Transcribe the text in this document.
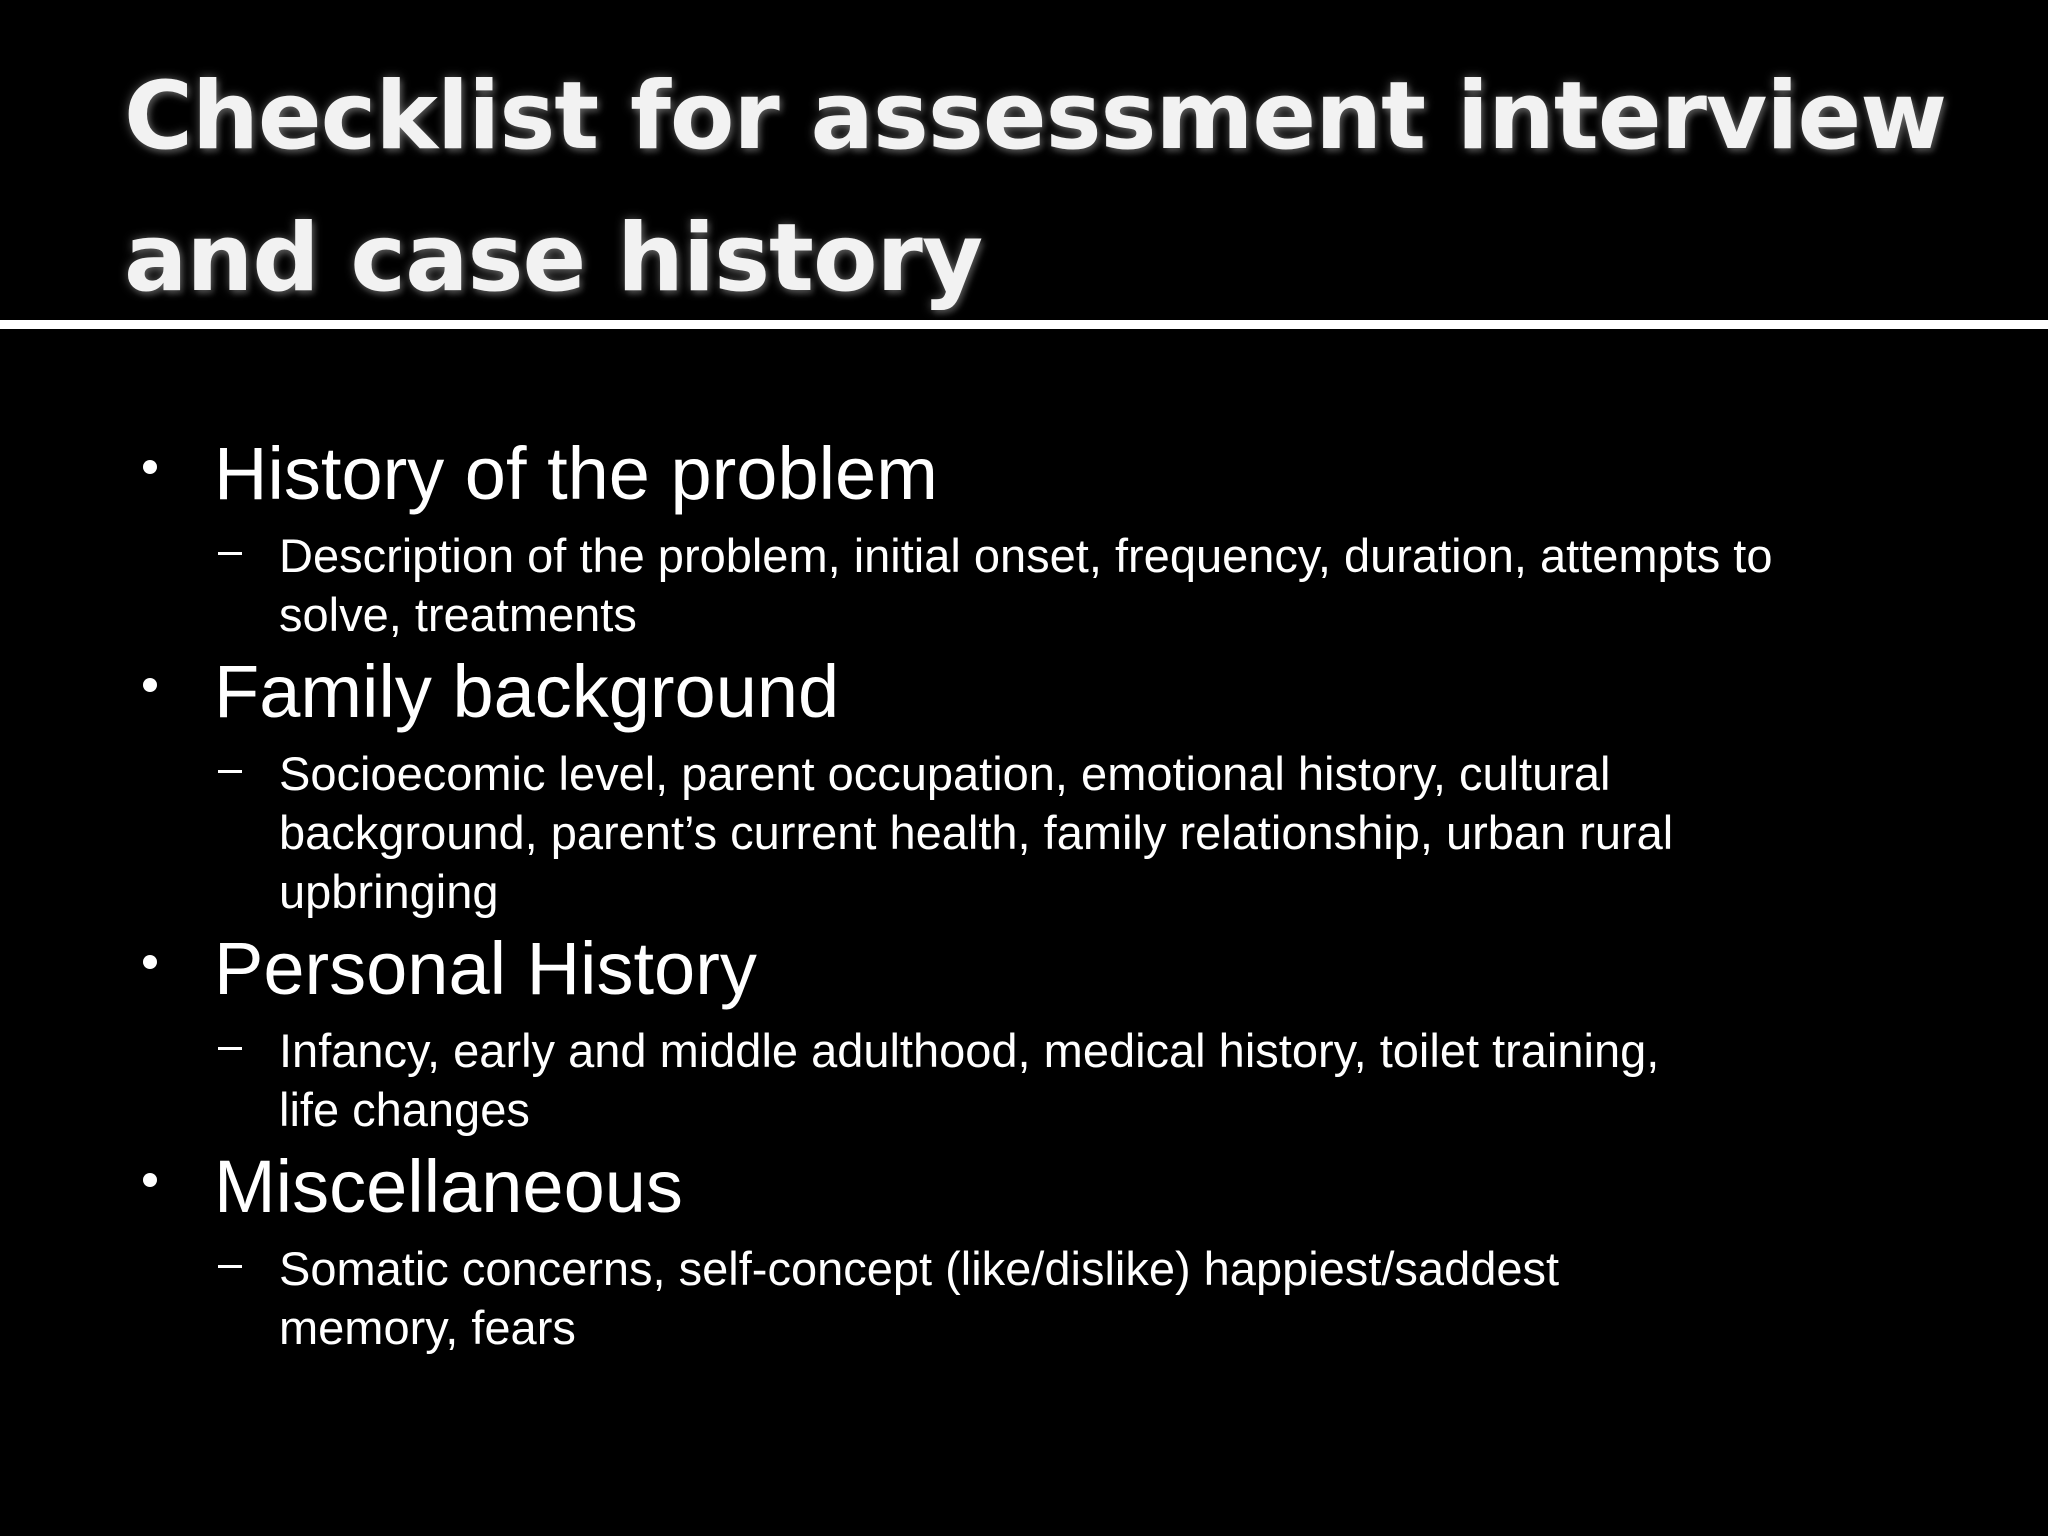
Checklist for assessment interview
and case history
History of the problem
Description of the problem, initial onset, frequency, duration, attempts to
solve, treatments
Family background
Socioecomic level, parent occupation, emotional history, cultural
background, parent’s current health, family relationship, urban rural
upbringing
Personal History
Infancy, early and middle adulthood, medical history, toilet training,
life changes
Miscellaneous
Somatic concerns, self-concept (like/dislike) happiest/saddest
memory, fears
